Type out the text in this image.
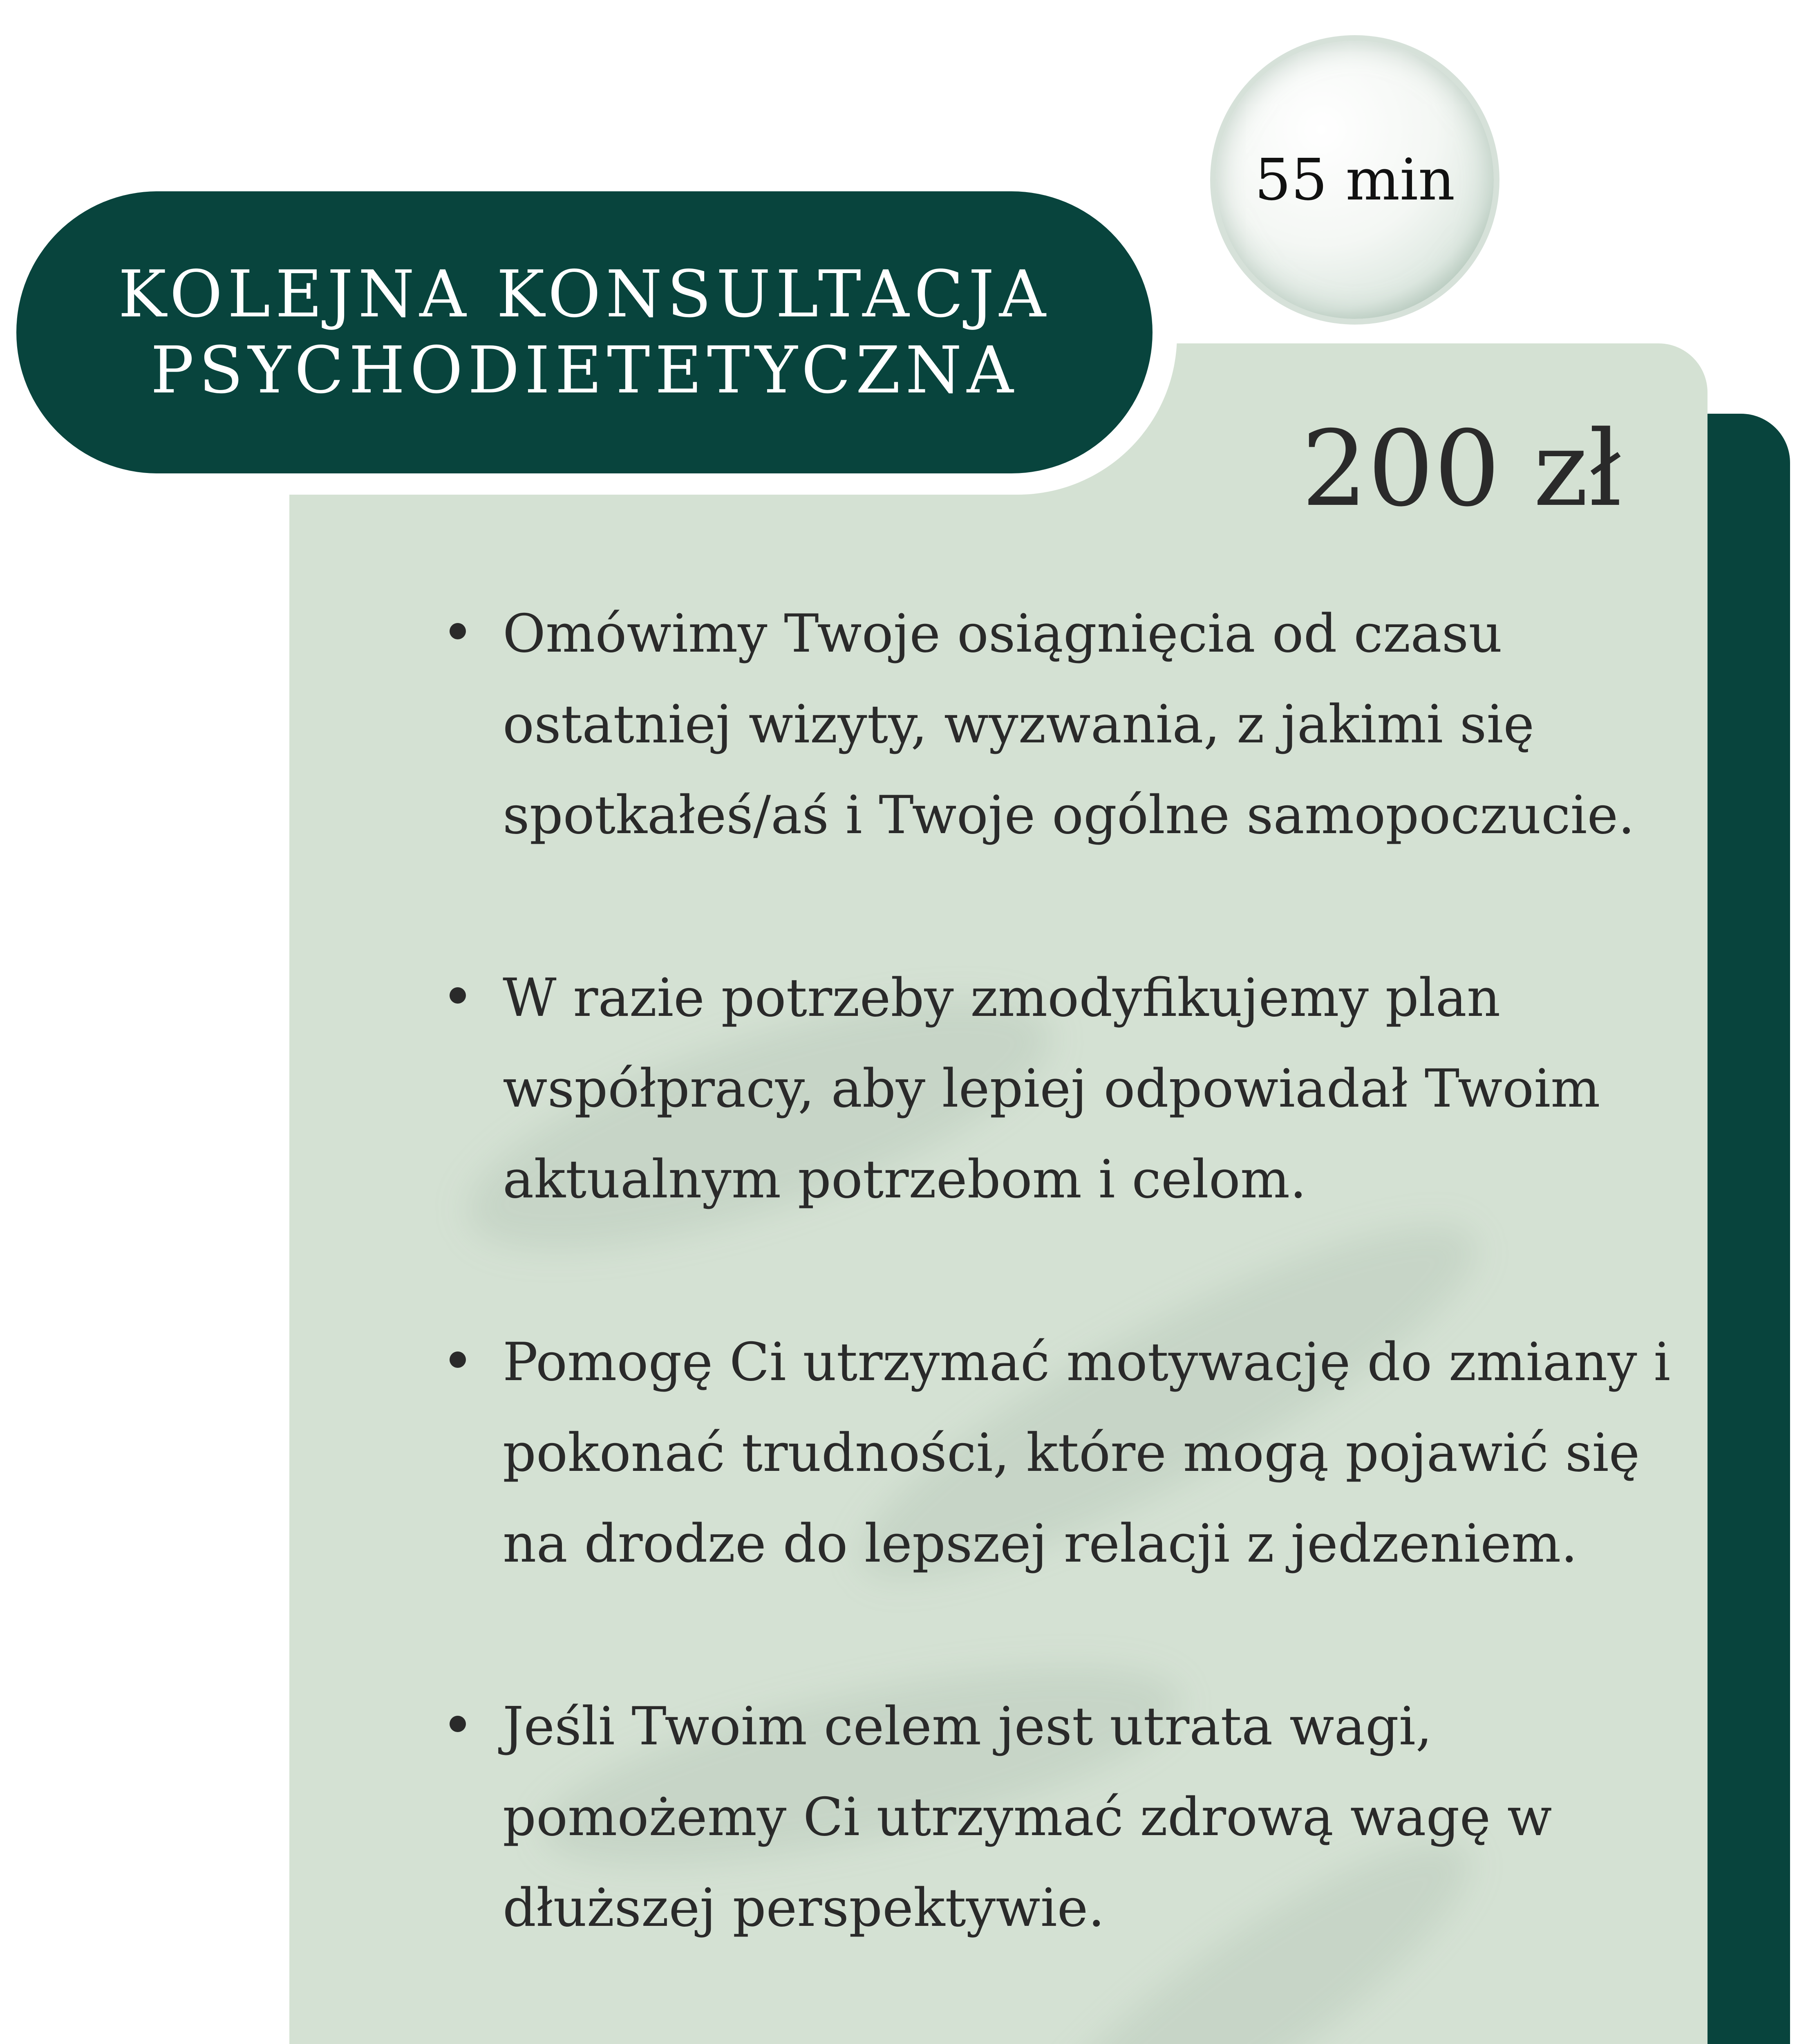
KOLEJNA KONSULTACJA
PSYCHODIETETYCZNA
55 min
200 zł
Omówimy Twoje osiągnięcia od czasu ostatniej wizyty, wyzwania, z jakimi się spotkałeś/aś i Twoje ogólne samopoczucie.
W razie potrzeby zmodyfikujemy plan współpracy, aby lepiej odpowiadał Twoim aktualnym potrzebom i celom.
Pomogę Ci utrzymać motywację do zmiany i pokonać trudności, które mogą pojawić się na drodze do lepszej relacji z jedzeniem.
Jeśli Twoim celem jest utrata wagi, pomożemy Ci utrzymać zdrową wagę w dłuższej perspektywie.
